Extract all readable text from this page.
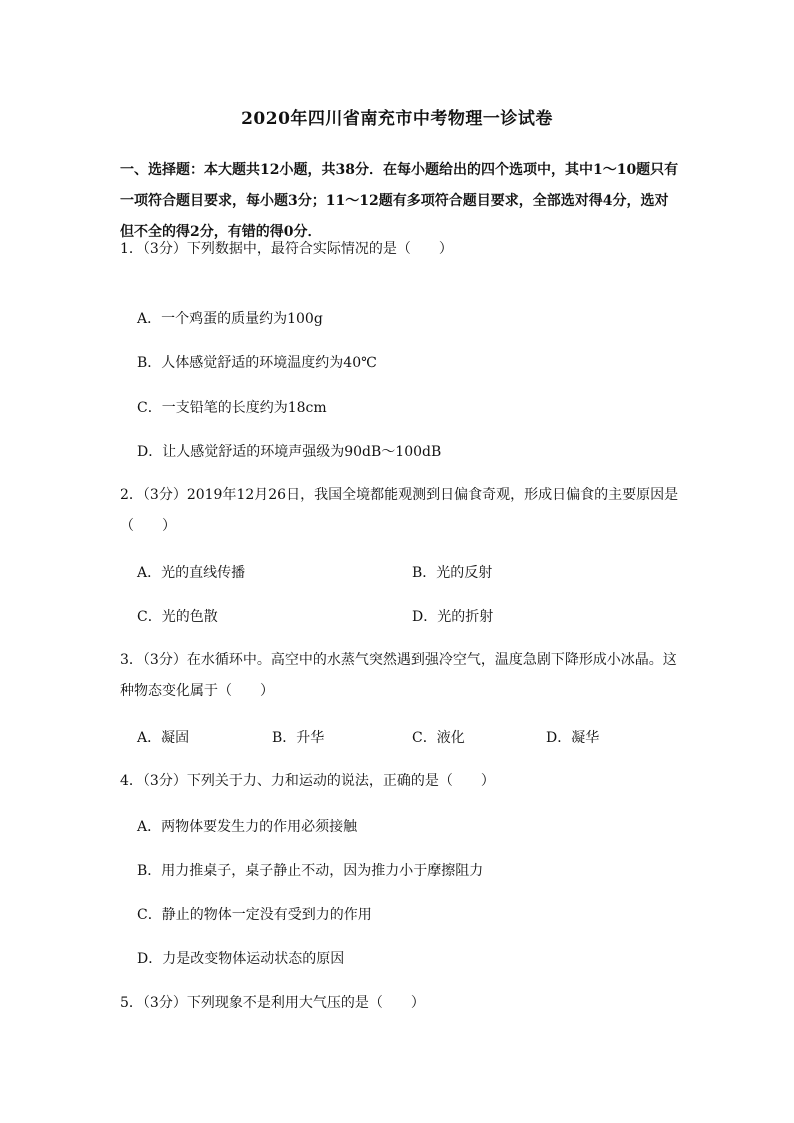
2020年四川省南充市中考物理一诊试卷
一、选择题：本大题共12小题，共38分．在每小题给出的四个选项中，其中1～10题只有一项符合题目要求，每小题3分；11～12题有多项符合题目要求，全部选对得4分，选对但不全的得2分，有错的得0分．
1．（3分）下列数据中，最符合实际情况的是（　　）
A．一个鸡蛋的质量约为100g
B．人体感觉舒适的环境温度约为40℃
C．一支铅笔的长度约为18cm
D．让人感觉舒适的环境声强级为90dB～100dB
2．（3分）2019年12月26日，我国全境都能观测到日偏食奇观，形成日偏食的主要原因是（　　）
A．光的直线传播	B．光的反射
C．光的色散	D．光的折射
3．（3分）在水循环中。高空中的水蒸气突然遇到强冷空气，温度急剧下降形成小冰晶。这种物态变化属于（　　）
A．凝固	B．升华	C．液化	D．凝华
4．（3分）下列关于力、力和运动的说法，正确的是（　　）
A．两物体要发生力的作用必须接触
B．用力推桌子，桌子静止不动，因为推力小于摩擦阻力
C．静止的物体一定没有受到力的作用
D．力是改变物体运动状态的原因
5．（3分）下列现象不是利用大气压的是（　　）
